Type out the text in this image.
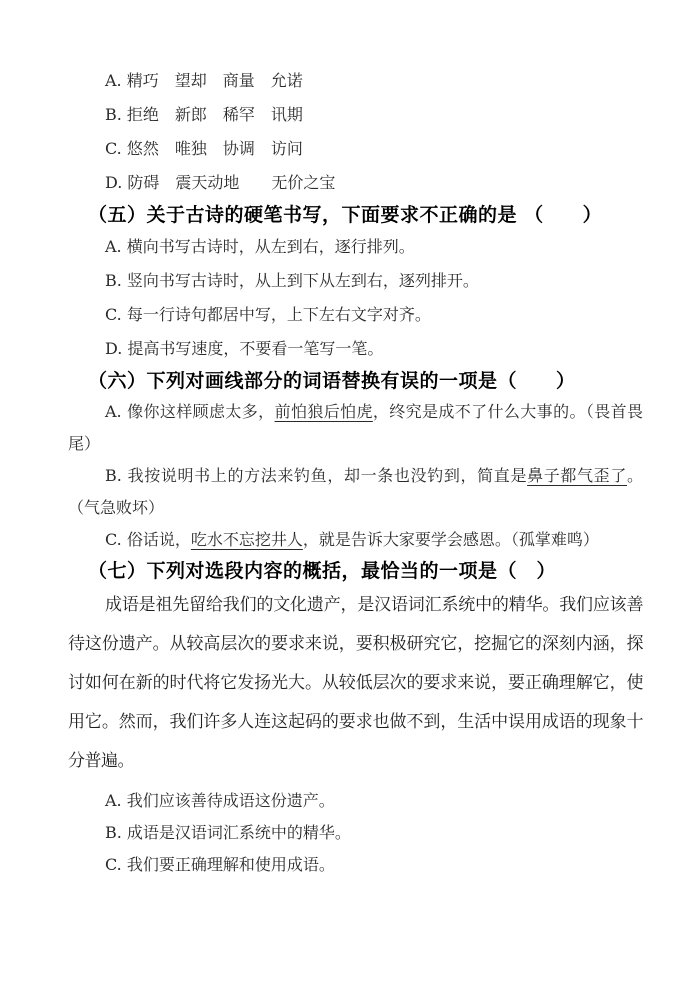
A. 精巧　望却　商量　允诺

B. 拒绝　新郎　稀罕　讯期

C. 悠然　唯独　协调　访问

D. 防碍　震天动地　　无价之宝

（五）关于古诗的硬笔书写，下面要求不正确的是 （　　）

A. 横向书写古诗时，从左到右，逐行排列。

B. 竖向书写古诗时，从上到下从左到右，逐列排开。

C. 每一行诗句都居中写，上下左右文字对齐。

D. 提高书写速度，不要看一笔写一笔。

（六）下列对画线部分的词语替换有误的一项是（　　）

A. 像你这样顾虑太多，前怕狼后怕虎，终究是成不了什么大事的。（畏首畏尾）

B. 我按说明书上的方法来钓鱼，却一条也没钓到，简直是鼻子都气歪了。（气急败坏）

C. 俗话说，吃水不忘挖井人，就是告诉大家要学会感恩。（孤掌难鸣）

（七）下列对选段内容的概括，最恰当的一项是（　）

成语是祖先留给我们的文化遗产，是汉语词汇系统中的精华。我们应该善待这份遗产。从较高层次的要求来说，要积极研究它，挖掘它的深刻内涵，探讨如何在新的时代将它发扬光大。从较低层次的要求来说，要正确理解它，使用它。然而，我们许多人连这起码的要求也做不到，生活中误用成语的现象十分普遍。

A. 我们应该善待成语这份遗产。

B. 成语是汉语词汇系统中的精华。

C. 我们要正确理解和使用成语。
